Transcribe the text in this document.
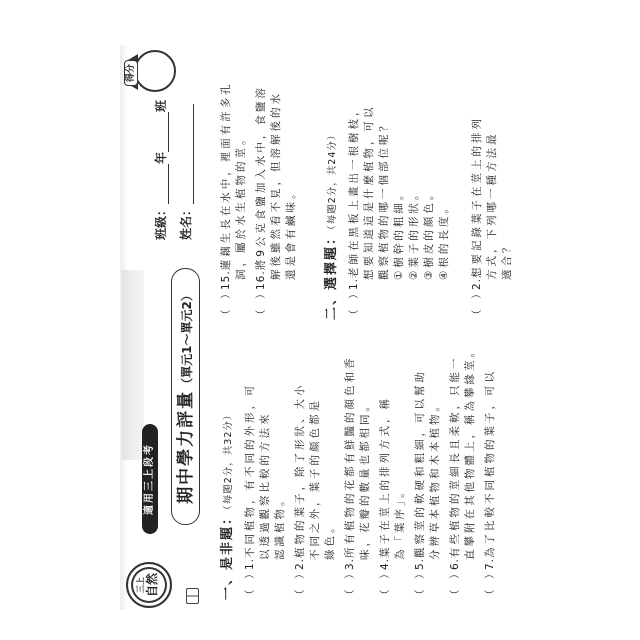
三上 自然
適用三上段考 期中學力評量（單元1～單元2）
班級：年班
姓名：
得分
一、是非題：（每題2分，共32分）
（　）1.不同植物，有不同的外形，可 以透過觀察比較的方法來 認識植物。
（　）2.植物的葉子，除了形狀、大小 不同之外，葉子的顏色都是 綠色。
（　）3.所有植物的花都有鮮豔的顏色和香 味，花瓣的數量也都相同。
（　）4.葉子在莖上的排列方式，稱 為「葉序」。
（　）5.觀察莖的軟硬和粗細，可以幫助 分辨草本植物和木本植物。
（　）6.有些植物的莖細長且柔軟，只能一 直攀附在其他物體上，稱為攀緣莖。
（　）7.為了比較不同植物的葉子，可以
（　）15.蓮藕生長在水中，裡面有許多孔 洞，屬於水生植物的莖。
（　）16.將9公克食鹽加入水中，食鹽溶 解後雖然看不見，但溶解後的水 還是會有鹹味。 二、選擇題：（每題2分，共24分）
（　）1.老師在黑板上畫出一根樹枝， 想要知道這是什麼植物，可以 觀察植物的哪一個部位呢？ ①樹幹的粗細。
②葉子的形狀。
③樹皮的顏色。
④根的長度。
（　）2.想要記錄葉子在莖上的排列 方式，下列哪一種方法最 適合？
